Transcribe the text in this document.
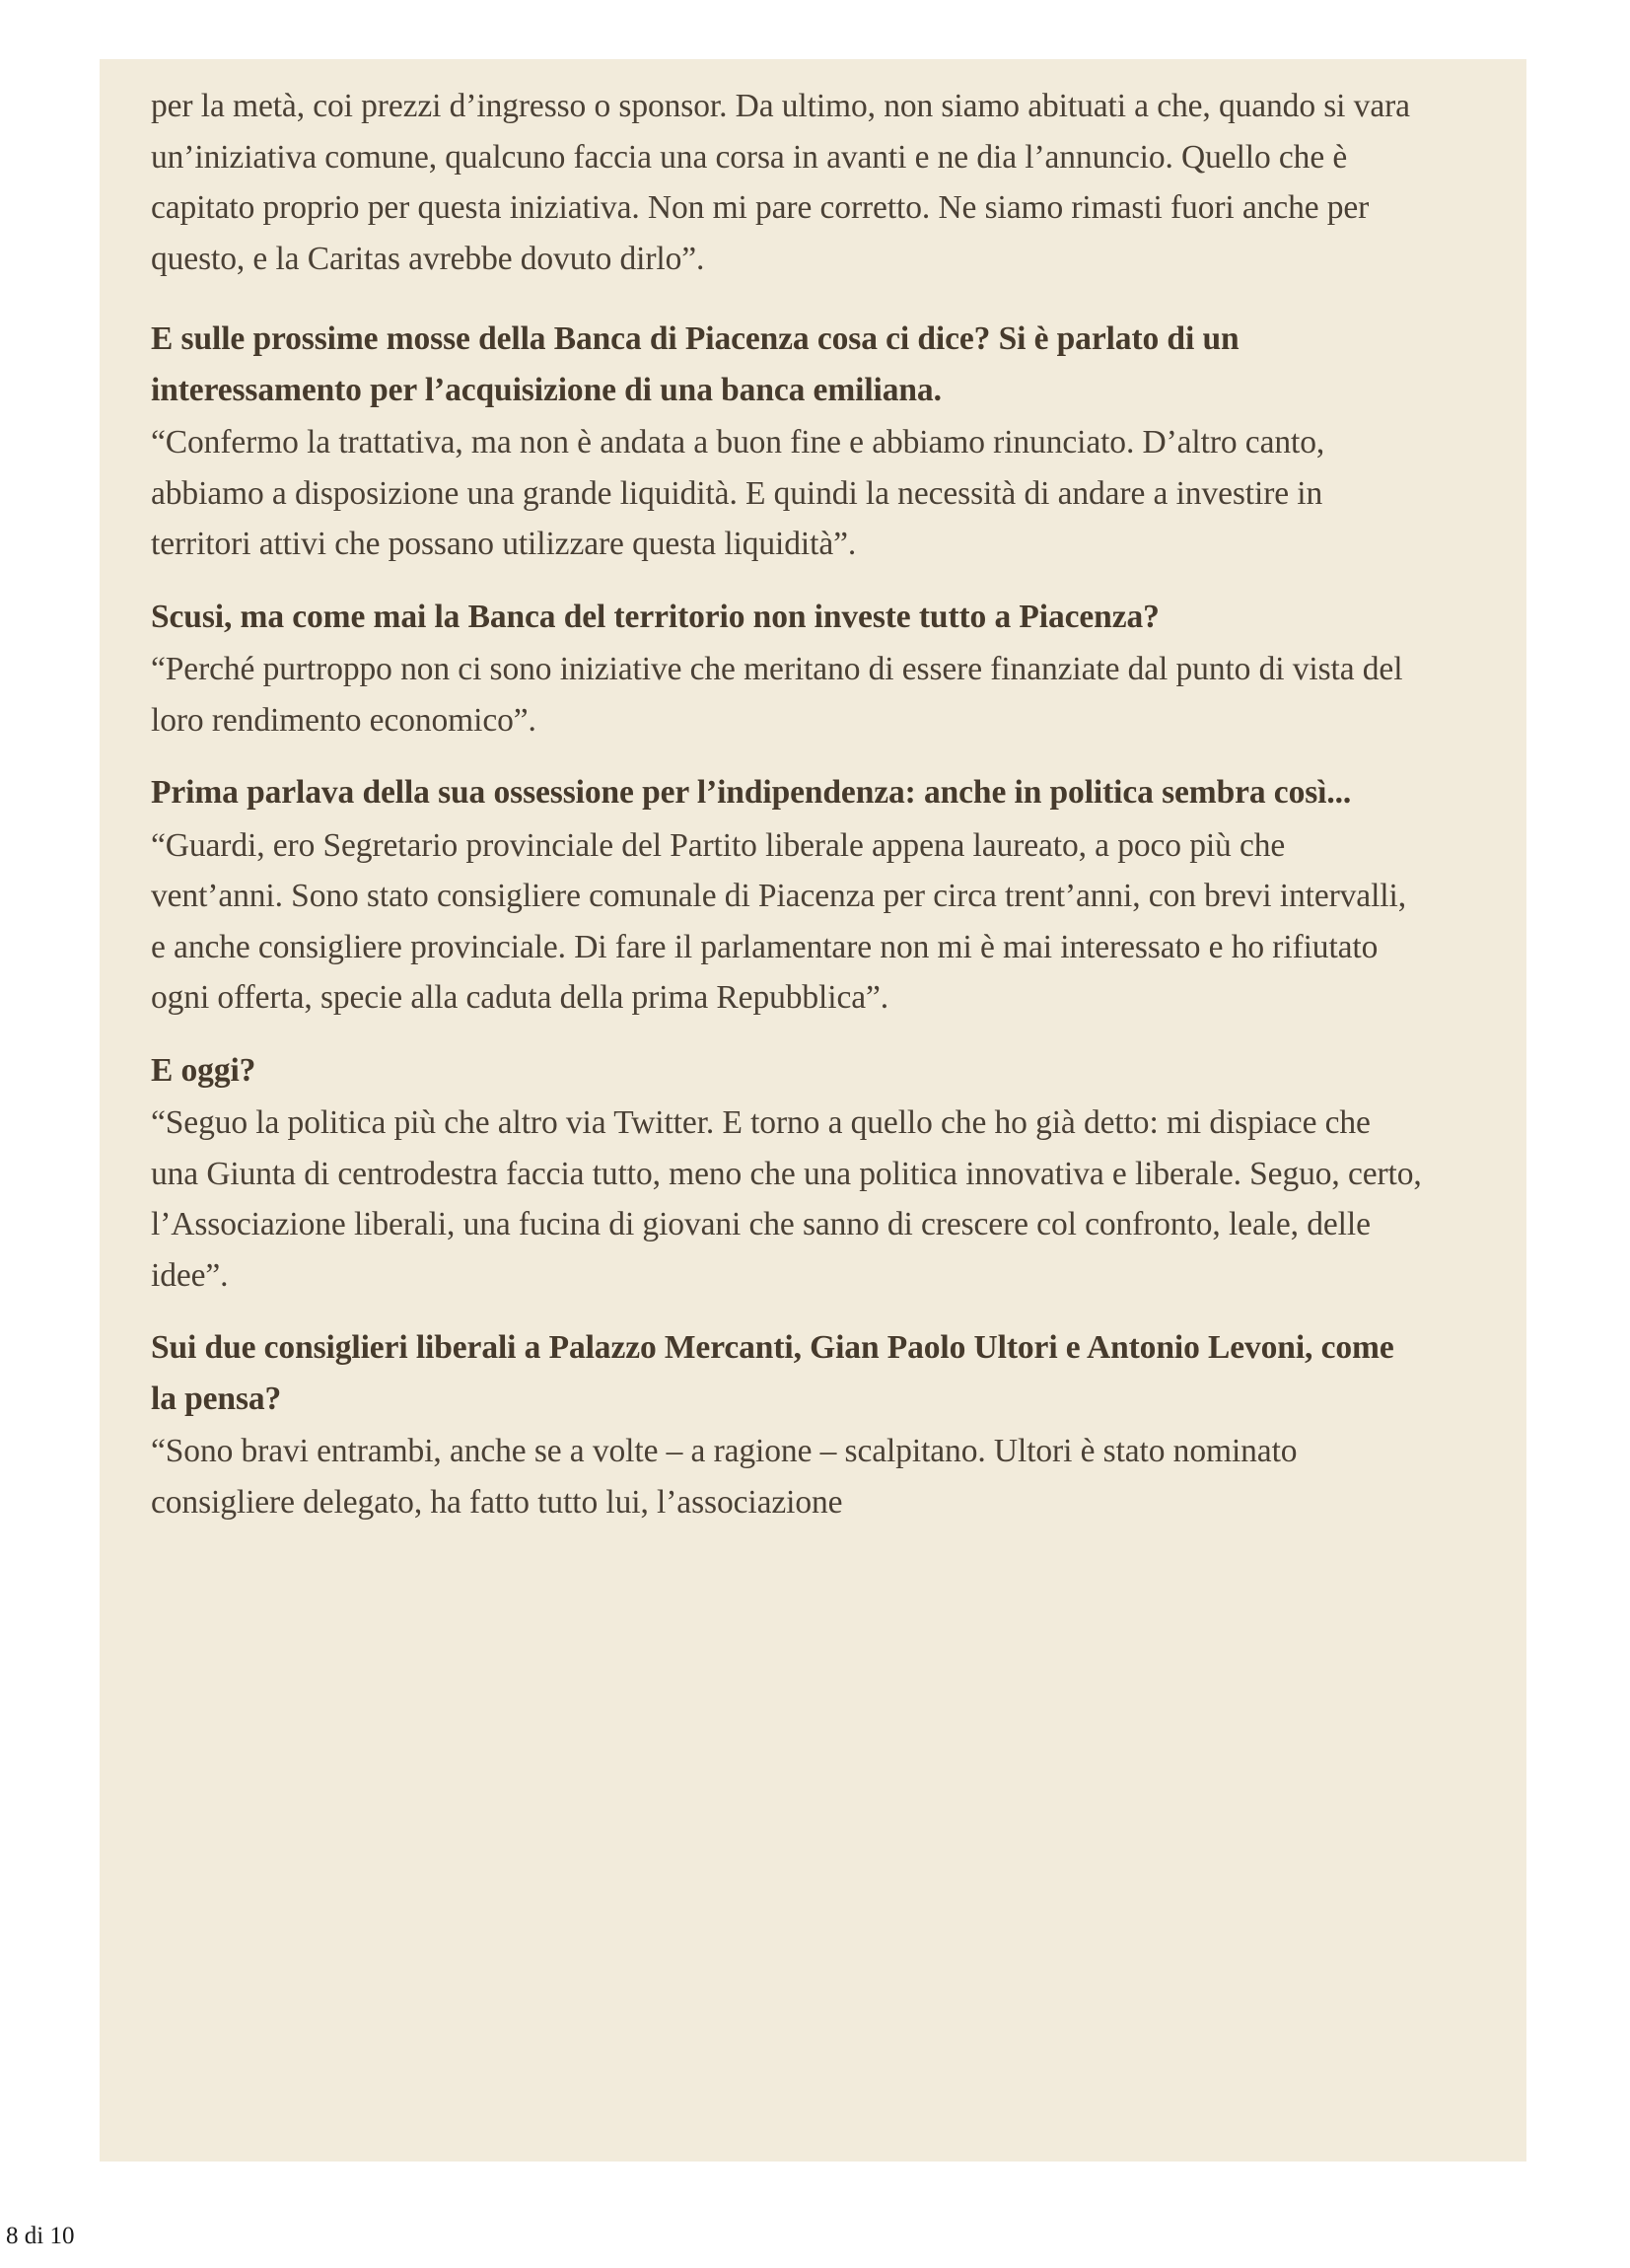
per la metà, coi prezzi d’ingresso o sponsor. Da ultimo, non siamo abituati a che, quando si vara un’iniziativa comune, qualcuno faccia una corsa in avanti e ne dia l’annuncio. Quello che è capitato proprio per questa iniziativa. Non mi pare corretto. Ne siamo rimasti fuori anche per questo, e la Caritas avrebbe dovuto dirlo”.

E sulle prossime mosse della Banca di Piacenza cosa ci dice? Si è parlato di un interessamento per l’acquisizione di una banca emiliana.

“Confermo la trattativa, ma non è andata a buon fine e abbiamo rinunciato. D’altro canto, abbiamo a disposizione una grande liquidità. E quindi la necessità di andare a investire in territori attivi che possano utilizzare questa liquidità”.

Scusi, ma come mai la Banca del territorio non investe tutto a Piacenza?

“Perché purtroppo non ci sono iniziative che meritano di essere finanziate dal punto di vista del loro rendimento economico”.

Prima parlava della sua ossessione per l’indipendenza: anche in politica sembra così...

“Guardi, ero Segretario provinciale del Partito liberale appena laureato, a poco più che vent’anni. Sono stato consigliere comunale di Piacenza per circa trent’anni, con brevi intervalli, e anche consigliere provinciale. Di fare il parlamentare non mi è mai interessato e ho rifiutato ogni offerta, specie alla caduta della prima Repubblica”.

E oggi?

“Seguo la politica più che altro via Twitter. E torno a quello che ho già detto: mi dispiace che una Giunta di centrodestra faccia tutto, meno che una politica innovativa e liberale. Seguo, certo, l’Associazione liberali, una fucina di giovani che sanno di crescere col confronto, leale, delle idee”.

Sui due consiglieri liberali a Palazzo Mercanti, Gian Paolo Ultori e Antonio Levoni, come la pensa?

“Sono bravi entrambi, anche se a volte – a ragione – scalpitano. Ultori è stato nominato consigliere delegato, ha fatto tutto lui, l’associazione

8 di 10
